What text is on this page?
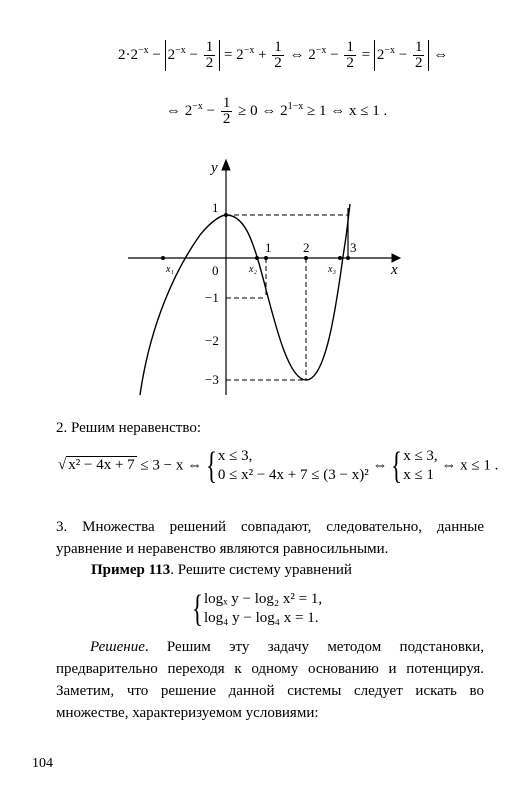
$2\cdot 2^{-x} - 2^{-x} - \frac{1}{2} = 2^{-x} + \frac{1}{2}$ ⇔ $2^{-x} - \frac{1}{2} = 2^{-x} - \frac{1}{2}$ ⇔
⇔ $2^{-x} - \frac{1}{2} \ge 0$ ⇔ $2^{1-x} \ge 1$ ⇔ x ≤ 1 .
y
x
0
1 2	3
1
−1
−2
−3
x₁	x₂	x₃
2. Решим неравенство:
√ x² − 4x + 7 ≤ 3 − x ⇔ { x ≤ 3,
0 ≤ x² − 4x + 7 ≤ (3 − x)²
⇔ { x ≤ 3,
x ≤ 1
⇔ x ≤ 1 .
3. Множества решений совпадают, следовательно, данные уравнение и неравенство являются равносильными.
Пример 113. Решите систему уравнений
{ logₓ y − log₂ x² = 1,
log₄ y − log₄ x = 1.
Решение. Решим эту задачу методом подстановки, предварительно переходя к одному основанию и потенцируя. Заметим, что решение данной системы следует искать во множестве, характеризуемом условиями:
104
